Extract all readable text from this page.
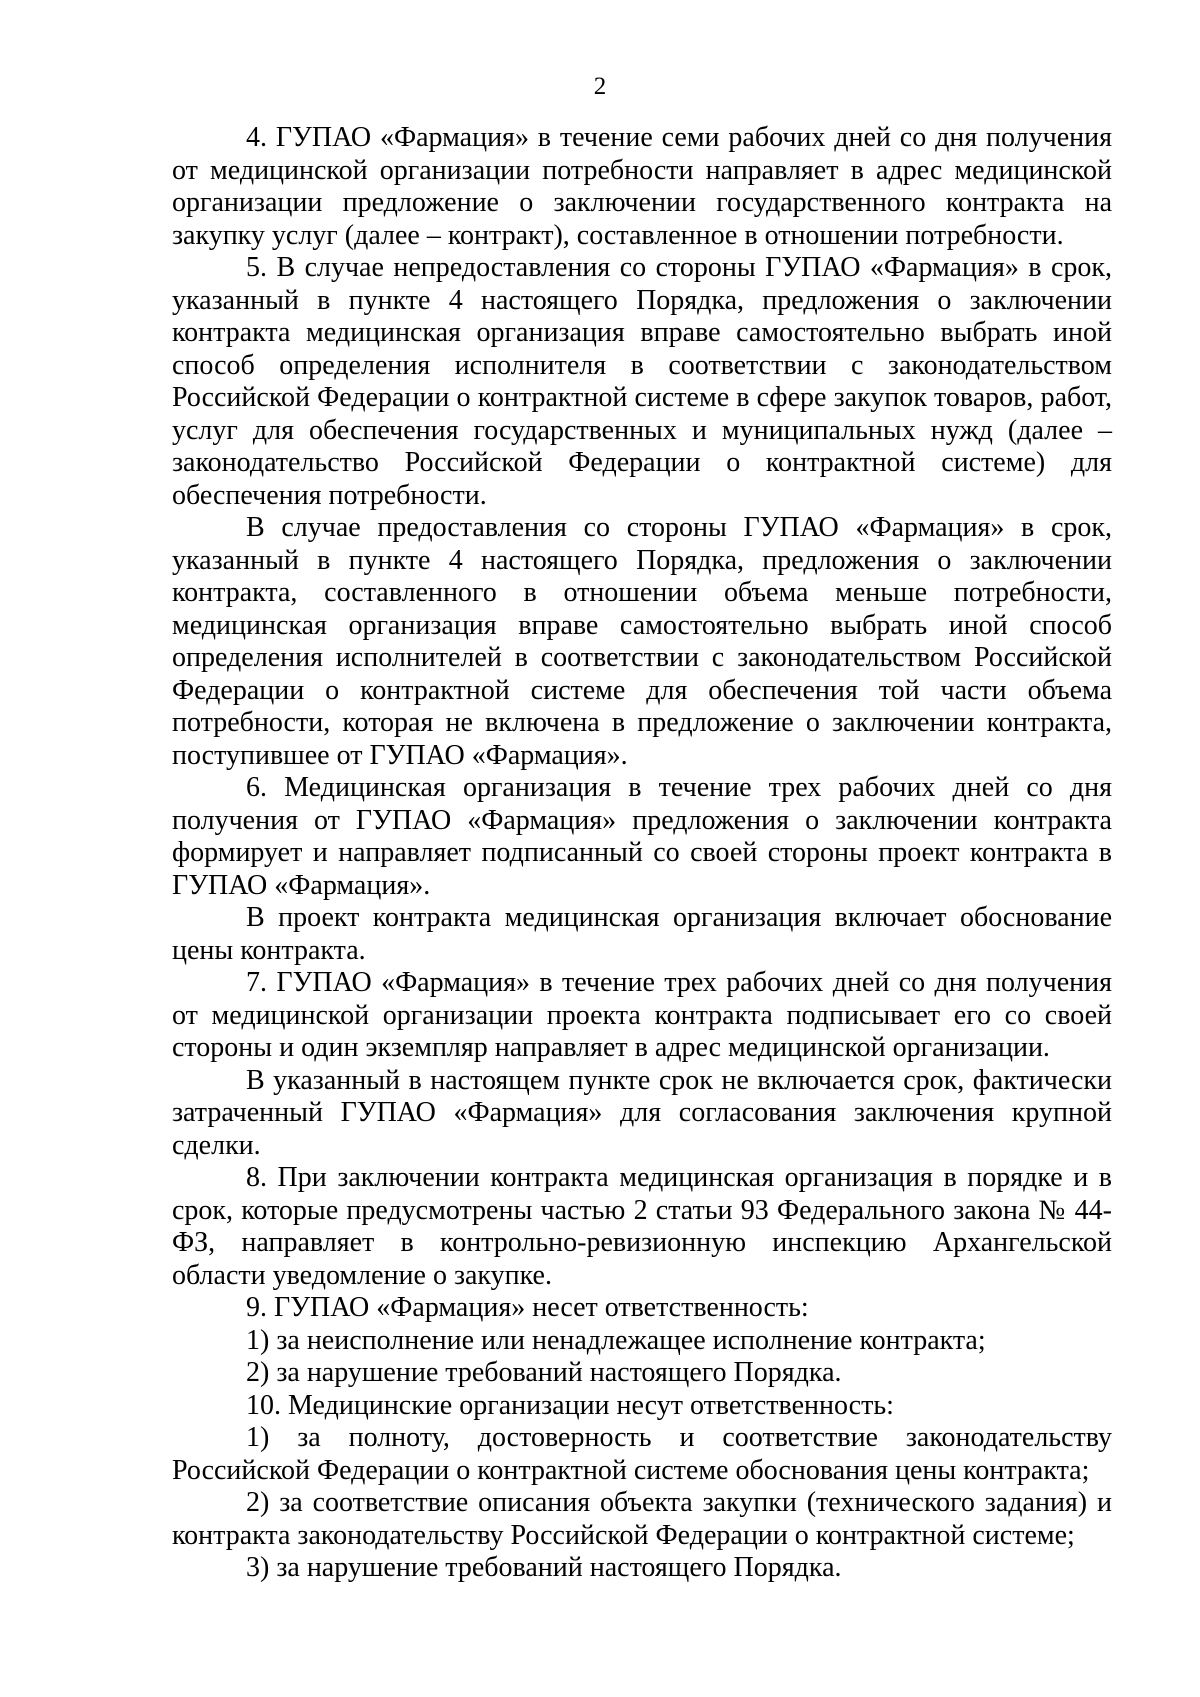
2

4. ГУПАО «Фармация» в течение семи рабочих дней со дня получения от медицинской организации потребности направляет в адрес медицинской организации предложение о заключении государственного контракта на закупку услуг (далее – контракт), составленное в отношении потребности.

5. В случае непредоставления со стороны ГУПАО «Фармация» в срок, указанный в пункте 4 настоящего Порядка, предложения о заключении контракта медицинская организация вправе самостоятельно выбрать иной способ определения исполнителя в соответствии с законодательством Российской Федерации о контрактной системе в сфере закупок товаров, работ, услуг для обеспечения государственных и муниципальных нужд (далее – законодательство Российской Федерации о контрактной системе) для обеспечения потребности.

В случае предоставления со стороны ГУПАО «Фармация» в срок, указанный в пункте 4 настоящего Порядка, предложения о заключении контракта, составленного в отношении объема меньше потребности, медицинская организация вправе самостоятельно выбрать иной способ определения исполнителей в соответствии с законодательством Российской Федерации о контрактной системе для обеспечения той части объема потребности, которая не включена в предложение о заключении контракта, поступившее от ГУПАО «Фармация».

6. Медицинская организация в течение трех рабочих дней со дня получения от ГУПАО «Фармация» предложения о заключении контракта формирует и направляет подписанный со своей стороны проект контракта в ГУПАО «Фармация».

В проект контракта медицинская организация включает обоснование цены контракта.

7. ГУПАО «Фармация» в течение трех рабочих дней со дня получения от медицинской организации проекта контракта подписывает его со своей стороны и один экземпляр направляет в адрес медицинской организации.

В указанный в настоящем пункте срок не включается срок, фактически затраченный ГУПАО «Фармация» для согласования заключения крупной сделки.

8. При заключении контракта медицинская организация в порядке и в срок, которые предусмотрены частью 2 статьи 93 Федерального закона № 44-ФЗ, направляет в контрольно-ревизионную инспекцию Архангельской области уведомление о закупке.

9. ГУПАО «Фармация» несет ответственность:

1) за неисполнение или ненадлежащее исполнение контракта;

2) за нарушение требований настоящего Порядка.

10. Медицинские организации несут ответственность:

1) за полноту, достоверность и соответствие законодательству Российской Федерации о контрактной системе обоснования цены контракта;

2) за соответствие описания объекта закупки (технического задания) и контракта законодательству Российской Федерации о контрактной системе;

3) за нарушение требований настоящего Порядка.
